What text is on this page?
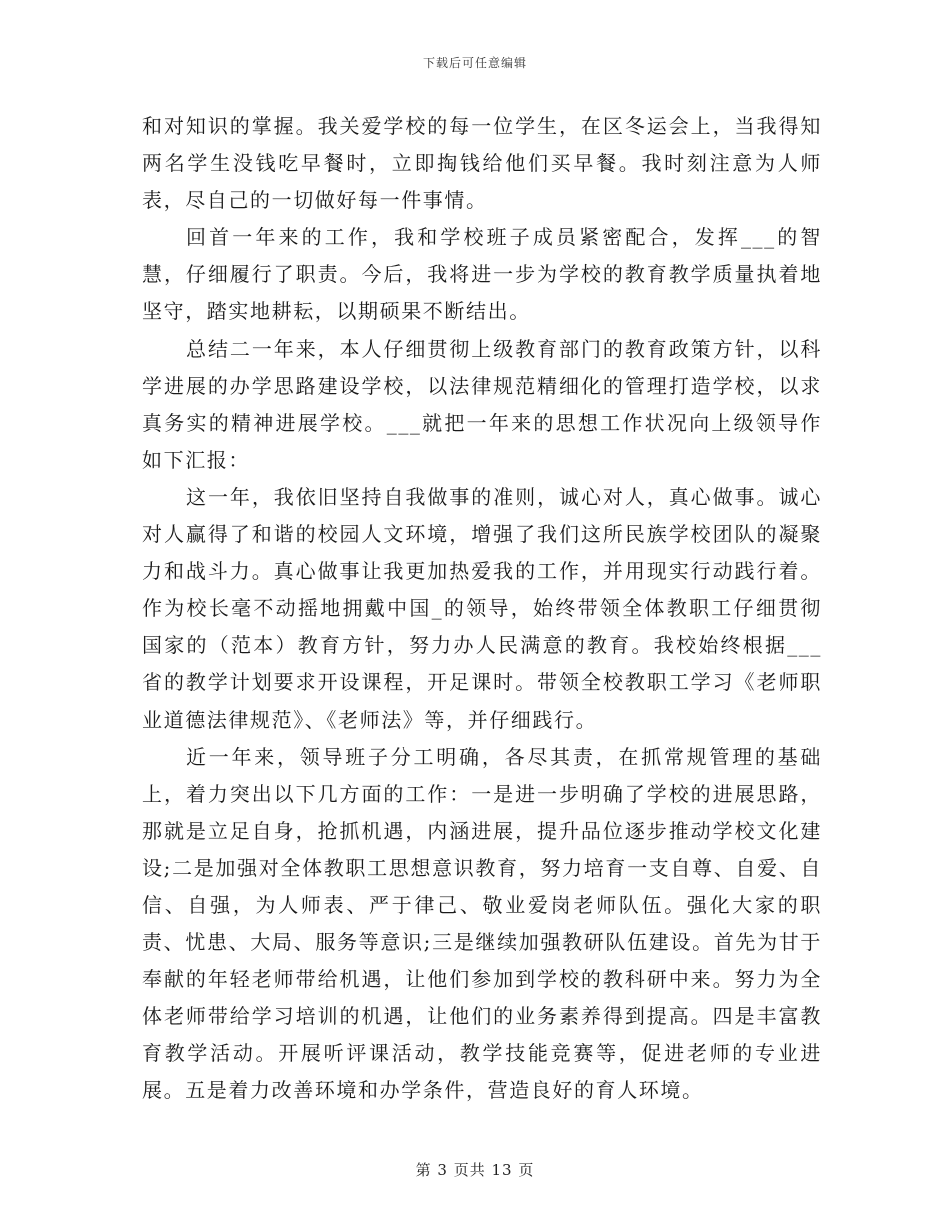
下载后可任意编辑

和对知识的掌握。我关爱学校的每一位学生，在区冬运会上，当我得知两名学生没钱吃早餐时，立即掏钱给他们买早餐。我时刻注意为人师表，尽自己的一切做好每一件事情。

回首一年来的工作，我和学校班子成员紧密配合，发挥___的智慧，仔细履行了职责。今后，我将进一步为学校的教育教学质量执着地坚守，踏实地耕耘，以期硕果不断结出。

总结二一年来，本人仔细贯彻上级教育部门的教育政策方针，以科学进展的办学思路建设学校，以法律规范精细化的管理打造学校，以求真务实的精神进展学校。___就把一年来的思想工作状况向上级领导作如下汇报：

这一年，我依旧坚持自我做事的准则，诚心对人，真心做事。诚心对人赢得了和谐的校园人文环境，增强了我们这所民族学校团队的凝聚力和战斗力。真心做事让我更加热爱我的工作，并用现实行动践行着。作为校长毫不动摇地拥戴中国_的领导，始终带领全体教职工仔细贯彻国家的（范本）教育方针，努力办人民满意的教育。我校始终根据___省的教学计划要求开设课程，开足课时。带领全校教职工学习《老师职业道德法律规范》、《老师法》等，并仔细践行。

近一年来，领导班子分工明确，各尽其责，在抓常规管理的基础上，着力突出以下几方面的工作：一是进一步明确了学校的进展思路，那就是立足自身，抢抓机遇，内涵进展，提升品位逐步推动学校文化建设;二是加强对全体教职工思想意识教育，努力培育一支自尊、自爱、自信、自强，为人师表、严于律己、敬业爱岗老师队伍。强化大家的职责、忧患、大局、服务等意识;三是继续加强教研队伍建设。首先为甘于奉献的年轻老师带给机遇，让他们参加到学校的教科研中来。努力为全体老师带给学习培训的机遇，让他们的业务素养得到提高。四是丰富教育教学活动。开展听评课活动，教学技能竞赛等，促进老师的专业进展。五是着力改善环境和办学条件，营造良好的育人环境。

第 3 页共 13 页
